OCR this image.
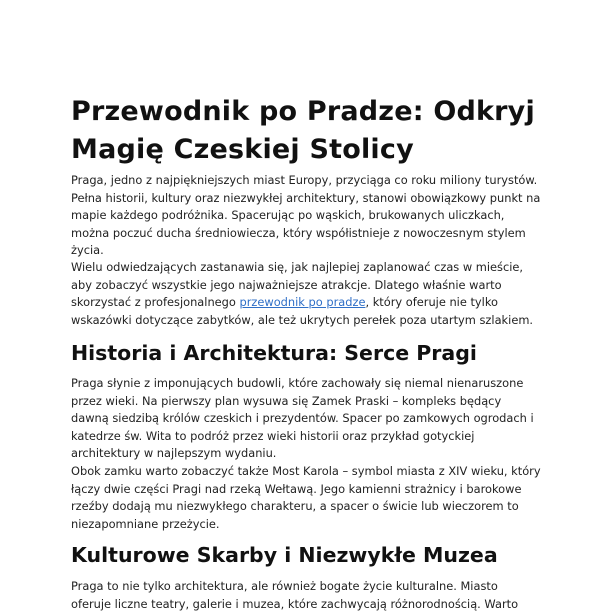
Przewodnik po Pradze: Odkryj Magię Czeskiej Stolicy

Praga, jedno z najpiękniejszych miast Europy, przyciąga co roku miliony turystów. Pełna historii, kultury oraz niezwykłej architektury, stanowi obowiązkowy punkt na mapie każdego podróżnika. Spacerując po wąskich, brukowanych uliczkach, można poczuć ducha średniowiecza, który współistnieje z nowoczesnym stylem życia.

Wielu odwiedzających zastanawia się, jak najlepiej zaplanować czas w mieście, aby zobaczyć wszystkie jego najważniejsze atrakcje. Dlatego właśnie warto skorzystać z profesjonalnego przewodnik po pradze, który oferuje nie tylko wskazówki dotyczące zabytków, ale też ukrytych perełek poza utartym szlakiem.

Historia i Architektura: Serce Pragi

Praga słynie z imponujących budowli, które zachowały się niemal nienaruszone przez wieki. Na pierwszy plan wysuwa się Zamek Praski – kompleks będący dawną siedzibą królów czeskich i prezydentów. Spacer po zamkowych ogrodach i katedrze św. Wita to podróż przez wieki historii oraz przykład gotyckiej architektury w najlepszym wydaniu.

Obok zamku warto zobaczyć także Most Karola – symbol miasta z XIV wieku, który łączy dwie części Pragi nad rzeką Wełtawą. Jego kamienni strażnicy i barokowe rzeźby dodają mu niezwykłego charakteru, a spacer o świcie lub wieczorem to niezapomniane przeżycie.

Kulturowe Skarby i Niezwykłe Muzea

Praga to nie tylko architektura, ale również bogate życie kulturalne. Miasto oferuje liczne teatry, galerie i muzea, które zachwycają różnorodnością. Warto
